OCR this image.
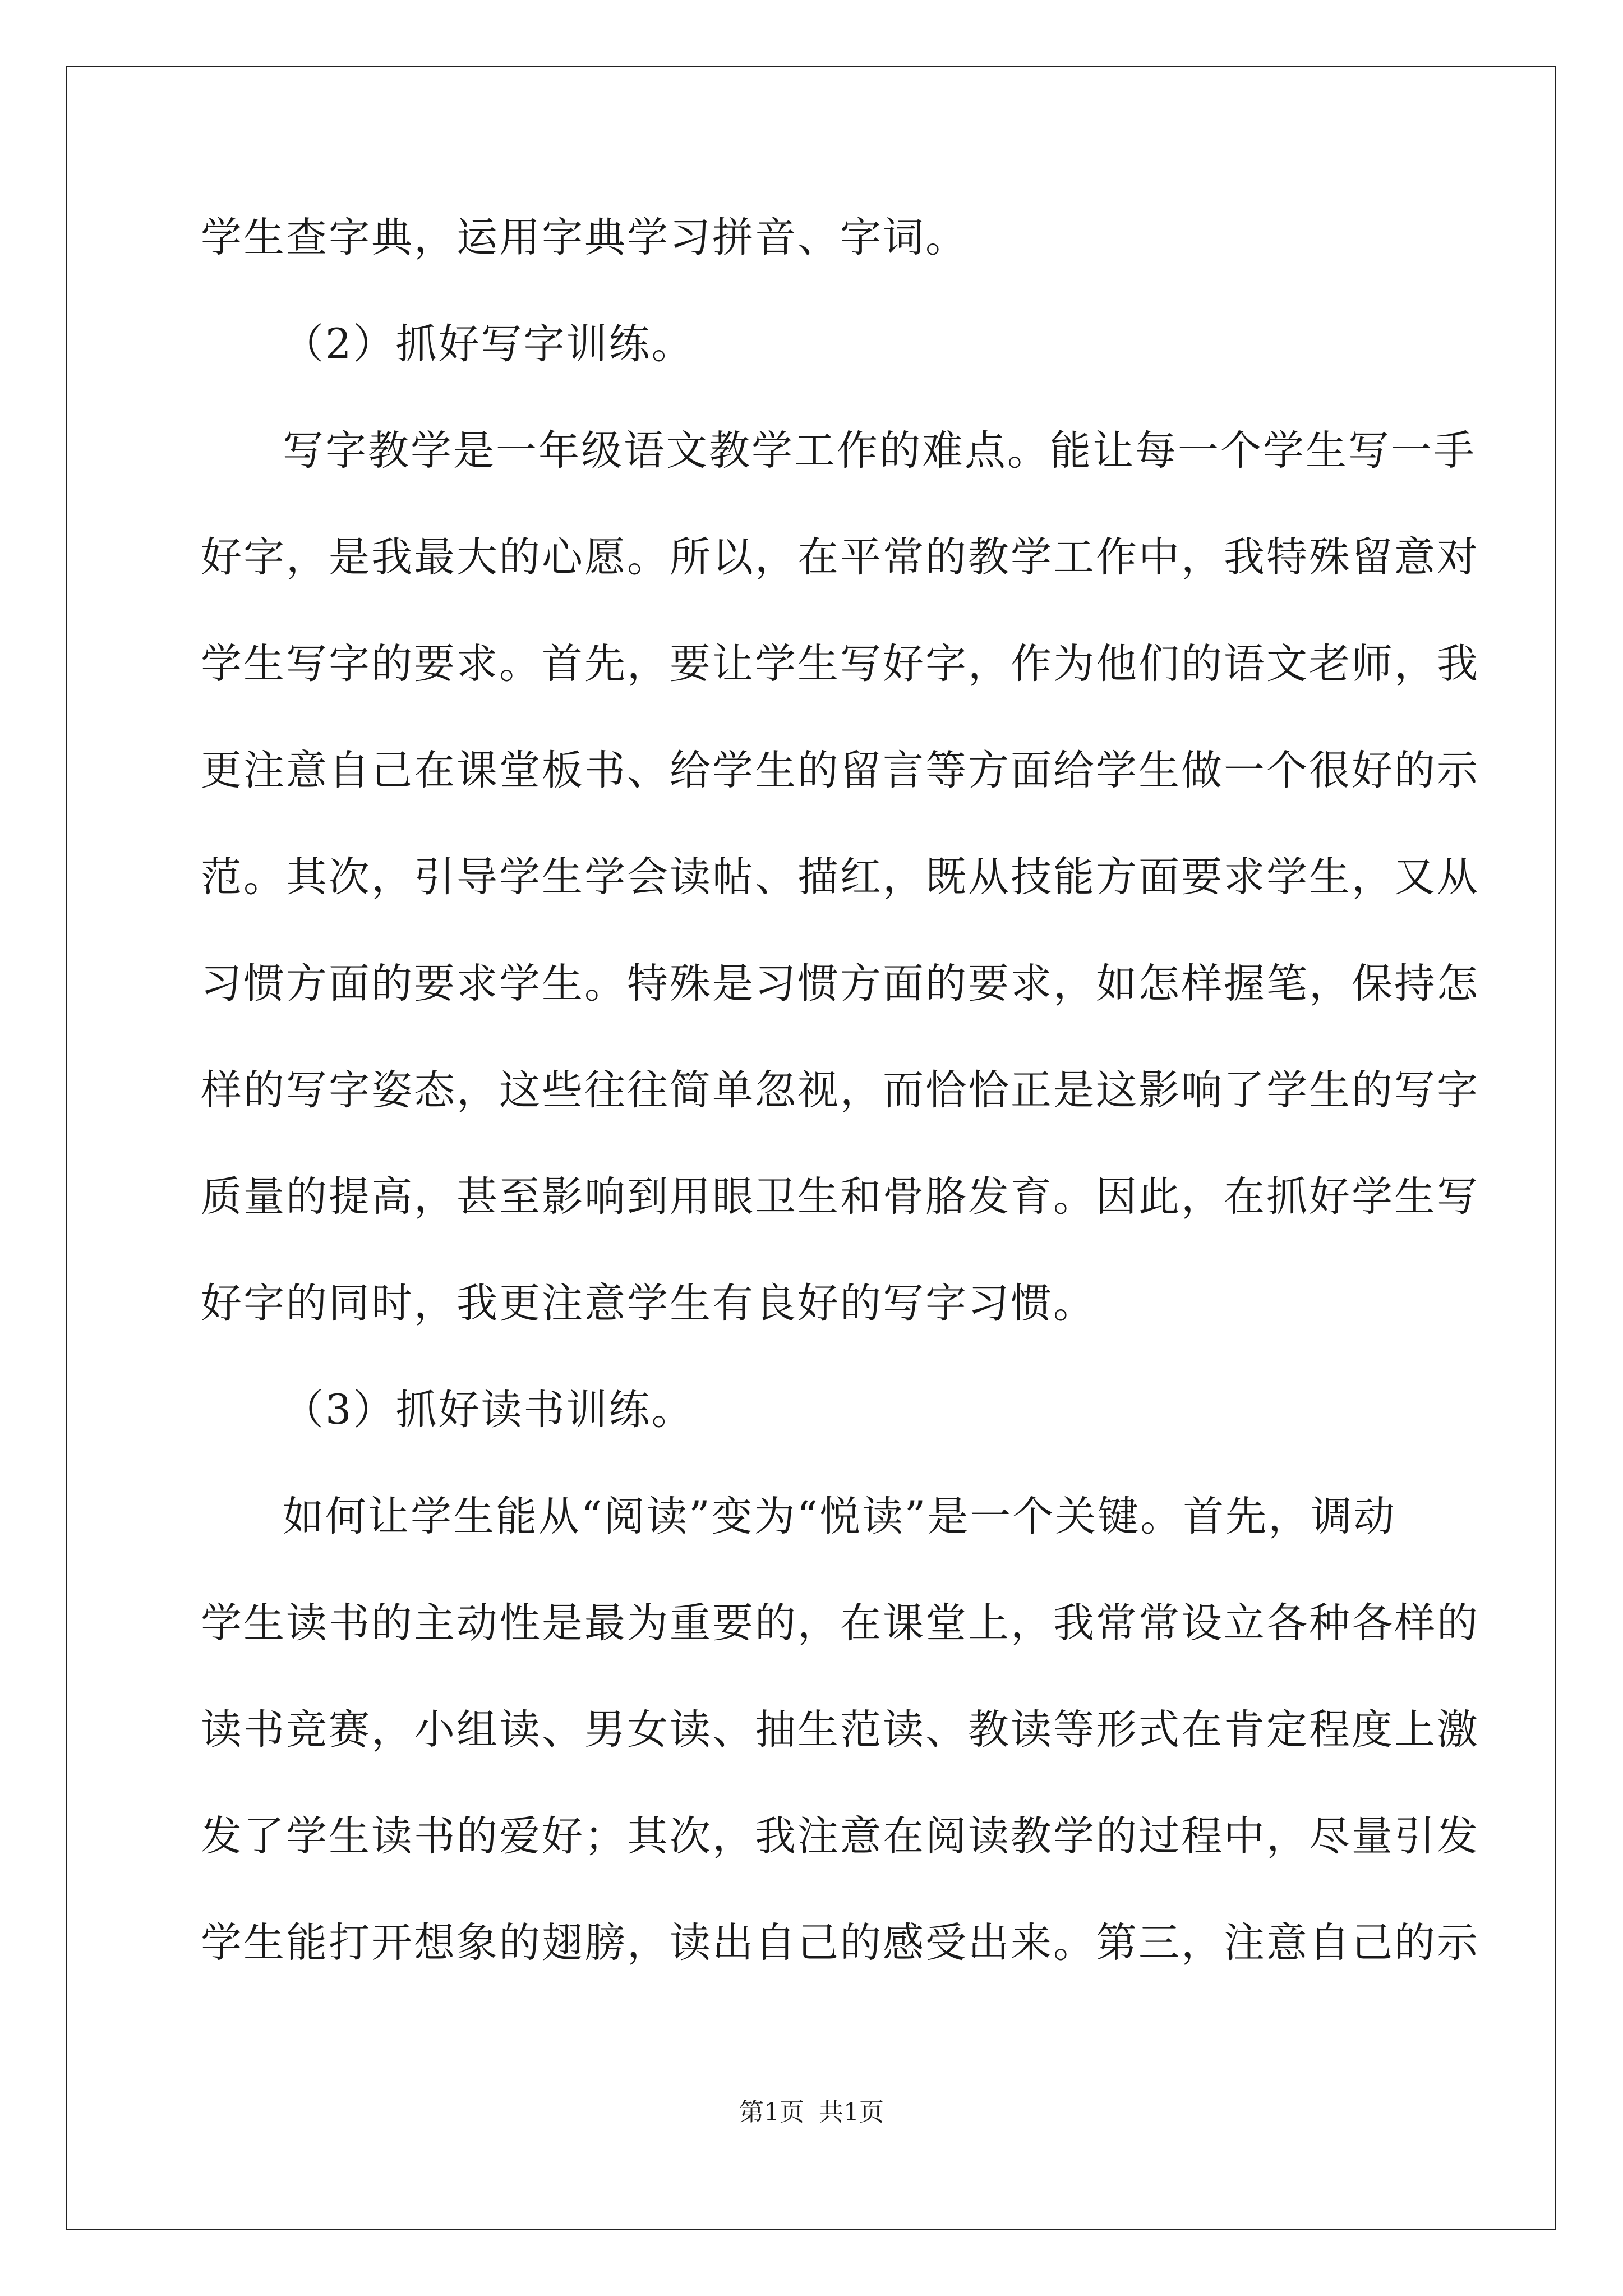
学生查字典，运用字典学习拼音、字词。
（2）抓好写字训练。
写字教学是一年级语文教学工作的难点。能让每一个学生写一手
好字，是我最大的心愿。所以，在平常的教学工作中，我特殊留意对
学生写字的要求。首先，要让学生写好字，作为他们的语文老师，我
更注意自己在课堂板书、给学生的留言等方面给学生做一个很好的示
范。其次，引导学生学会读帖、描红，既从技能方面要求学生，又从
习惯方面的要求学生。特殊是习惯方面的要求，如怎样握笔，保持怎
样的写字姿态，这些往往简单忽视，而恰恰正是这影响了学生的写字
质量的提高，甚至影响到用眼卫生和骨胳发育。因此，在抓好学生写
好字的同时，我更注意学生有良好的写字习惯。
（3）抓好读书训练。
如何让学生能从“阅读”变为“悦读”是一个关键。首先，调动
学生读书的主动性是最为重要的，在课堂上，我常常设立各种各样的
读书竞赛，小组读、男女读、抽生范读、教读等形式在肯定程度上激
发了学生读书的爱好；其次，我注意在阅读教学的过程中，尽量引发
学生能打开想象的翅膀，读出自己的感受出来。第三，注意自己的示
第1页 共1页
